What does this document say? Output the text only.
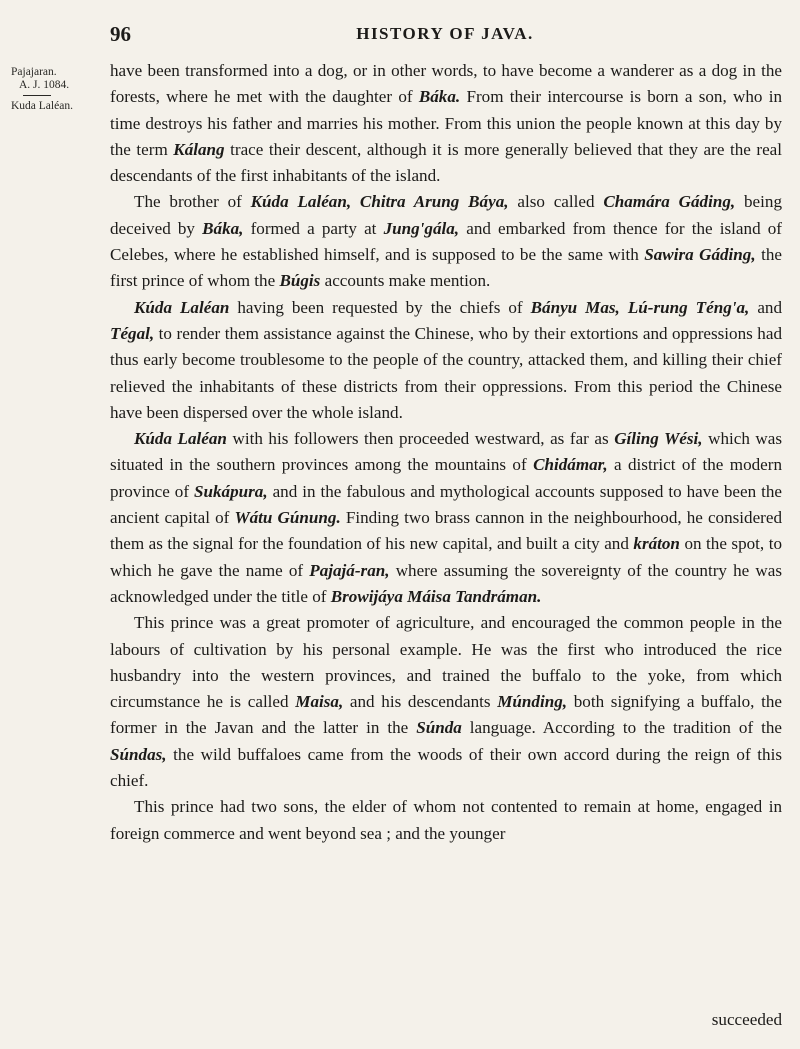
96	HISTORY OF JAVA.
Pajajaran.
A. J. 1084.
Kuda Laléan.

have been transformed into a dog, or in other words, to have become a wanderer as a dog in the forests, where he met with the daughter of Báka. From their intercourse is born a son, who in time destroys his father and marries his mother. From this union the people known at this day by the term Kálang trace their descent, although it is more generally believed that they are the real descendants of the first inhabitants of the island.

The brother of Kúda Laléan, Chitra Arung Báya, also called Chamára Gáding, being deceived by Báka, formed a party at Jung'gála, and embarked from thence for the island of Celebes, where he established himself, and is supposed to be the same with Sawira Gáding, the first prince of whom the Búgis accounts make mention.

Kúda Laléan having been requested by the chiefs of Bányu Mas, Lú-rung Téng'a, and Tégal, to render them assistance against the Chinese, who by their extortions and oppressions had thus early become troublesome to the people of the country, attacked them, and killing their chief relieved the inhabitants of these districts from their oppressions. From this period the Chinese have been dispersed over the whole island.

Kúda Laléan with his followers then proceeded westward, as far as Gíling Wési, which was situated in the southern provinces among the mountains of Chidámar, a district of the modern province of Sukápura, and in the fabulous and mythological accounts supposed to have been the ancient capital of Wátu Gúnung. Finding two brass cannon in the neighbourhood, he considered them as the signal for the foundation of his new capital, and built a city and kráton on the spot, to which he gave the name of Pajajá-ran, where assuming the sovereignty of the country he was acknowledged under the title of Browijáya Máisa Tandráman.

This prince was a great promoter of agriculture, and encouraged the common people in the labours of cultivation by his personal example. He was the first who introduced the rice husbandry into the western provinces, and trained the buffalo to the yoke, from which circumstance he is called Maisa, and his descendants Múnding, both signifying a buffalo, the former in the Javan and the latter in the Súnda language. According to the tradition of the Súndas, the wild buffaloes came from the woods of their own accord during the reign of this chief.

This prince had two sons, the elder of whom not contented to remain at home, engaged in foreign commerce and went beyond sea ; and the younger

succeeded
